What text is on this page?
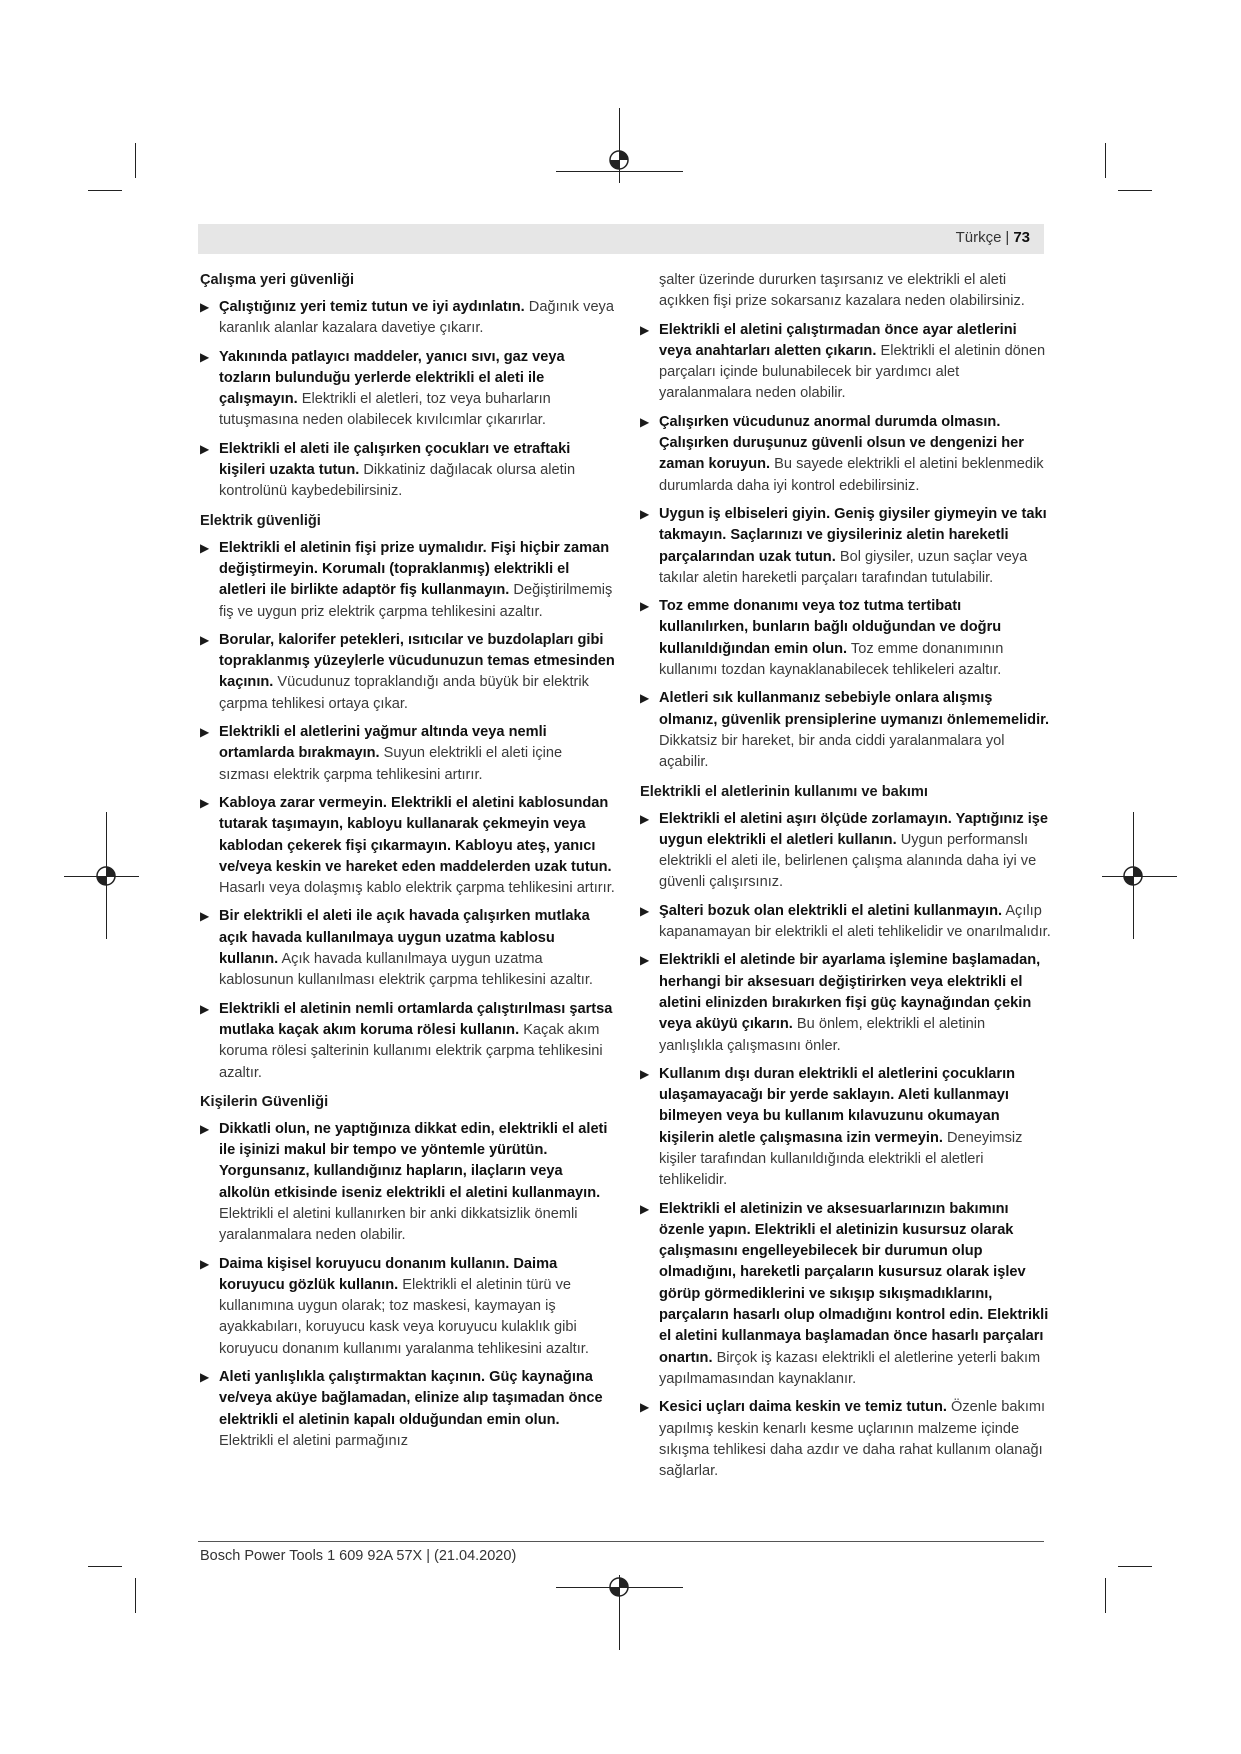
Türkçe | 73
Çalışma yeri güvenliği
▶ Çalıştığınız yeri temiz tutun ve iyi aydınlatın. Dağınık veya karanlık alanlar kazalara davetiye çıkarır.
▶ Yakınında patlayıcı maddeler, yanıcı sıvı, gaz veya tozların bulunduğu yerlerde elektrikli el aleti ile çalışmayın. Elektrikli el aletleri, toz veya buharların tutuşmasına neden olabilecek kıvılcımlar çıkarırlar.
▶ Elektrikli el aleti ile çalışırken çocukları ve etraftaki kişileri uzakta tutun. Dikkatiniz dağılacak olursa aletin kontrolünü kaybedebilirsiniz.
Elektrik güvenliği
▶ Elektrikli el aletinin fişi prize uymalıdır. Fişi hiçbir zaman değiştirmeyin. Korumalı (topraklanmış) elektrikli el aletleri ile birlikte adaptör fiş kullanmayın. Değiştirilmemiş fiş ve uygun priz elektrik çarpma tehlikesini azaltır.
▶ Borular, kalorifer petekleri, ısıtıcılar ve buzdolapları gibi topraklanmış yüzeylerle vücudunuzun temas etmesinden kaçının. Vücudunuz topraklandığı anda büyük bir elektrik çarpma tehlikesi ortaya çıkar.
▶ Elektrikli el aletlerini yağmur altında veya nemli ortamlarda bırakmayın. Suyun elektrikli el aleti içine sızması elektrik çarpma tehlikesini artırır.
▶ Kabloya zarar vermeyin. Elektrikli el aletini kablosundan tutarak taşımayın, kabloyu kullanarak çekmeyin veya kablodan çekerek fişi çıkarmayın. Kabloyu ateş, yanıcı ve/veya keskin ve hareket eden maddelerden uzak tutun. Hasarlı veya dolaşmış kablo elektrik çarpma tehlikesini artırır.
▶ Bir elektrikli el aleti ile açık havada çalışırken mutlaka açık havada kullanılmaya uygun uzatma kablosu kullanın. Açık havada kullanılmaya uygun uzatma kablosunun kullanılması elektrik çarpma tehlikesini azaltır.
▶ Elektrikli el aletinin nemli ortamlarda çalıştırılması şartsa mutlaka kaçak akım koruma rölesi kullanın. Kaçak akım koruma rölesi şalterinin kullanımı elektrik çarpma tehlikesini azaltır.
Kişilerin Güvenliği
▶ Dikkatli olun, ne yaptığınıza dikkat edin, elektrikli el aleti ile işinizi makul bir tempo ve yöntemle yürütün. Yorgunsanız, kullandığınız hapların, ilaçların veya alkolün etkisinde iseniz elektrikli el aletini kullanmayın. Elektrikli el aletini kullanırken bir anki dikkatsizlik önemli yaralanmalara neden olabilir.
▶ Daima kişisel koruyucu donanım kullanın. Daima koruyucu gözlük kullanın. Elektrikli el aletinin türü ve kullanımına uygun olarak; toz maskesi, kaymayan iş ayakkabıları, koruyucu kask veya koruyucu kulaklık gibi koruyucu donanım kullanımı yaralanma tehlikesini azaltır.
▶ Aleti yanlışlıkla çalıştırmaktan kaçının. Güç kaynağına ve/veya aküye bağlamadan, elinize alıp taşımadan önce elektrikli el aletinin kapalı olduğundan emin olun. Elektrikli el aletini parmağınız
şalter üzerinde dururken taşırsanız ve elektrikli el aleti açıkken fişi prize sokarsanız kazalara neden olabilirsiniz.
▶ Elektrikli el aletini çalıştırmadan önce ayar aletlerini veya anahtarları aletten çıkarın. Elektrikli el aletinin dönen parçaları içinde bulunabilecek bir yardımcı alet yaralanmalara neden olabilir.
▶ Çalışırken vücudunuz anormal durumda olmasın. Çalışırken duruşunuz güvenli olsun ve dengenizi her zaman koruyun. Bu sayede elektrikli el aletini beklenmedik durumlarda daha iyi kontrol edebilirsiniz.
▶ Uygun iş elbiseleri giyin. Geniş giysiler giymeyin ve takı takmayın. Saçlarınızı ve giysileriniz aletin hareketli parçalarından uzak tutun. Bol giysiler, uzun saçlar veya takılar aletin hareketli parçaları tarafından tutulabilir.
▶ Toz emme donanımı veya toz tutma tertibatı kullanılırken, bunların bağlı olduğundan ve doğru kullanıldığından emin olun. Toz emme donanımının kullanımı tozdan kaynaklanabilecek tehlikeleri azaltır.
▶ Aletleri sık kullanmanız sebebiyle onlara alışmış olmanız, güvenlik prensiplerine uymanızı önlememelidir. Dikkatsiz bir hareket, bir anda ciddi yaralanmalara yol açabilir.
Elektrikli el aletlerinin kullanımı ve bakımı
▶ Elektrikli el aletini aşırı ölçüde zorlamayın. Yaptığınız işe uygun elektrikli el aletleri kullanın. Uygun performanslı elektrikli el aleti ile, belirlenen çalışma alanında daha iyi ve güvenli çalışırsınız.
▶ Şalteri bozuk olan elektrikli el aletini kullanmayın. Açılıp kapanamayan bir elektrikli el aleti tehlikelidir ve onarılmalıdır.
▶ Elektrikli el aletinde bir ayarlama işlemine başlamadan, herhangi bir aksesuarı değiştirirken veya elektrikli el aletini elinizden bırakırken fişi güç kaynağından çekin veya aküyü çıkarın. Bu önlem, elektrikli el aletinin yanlışlıkla çalışmasını önler.
▶ Kullanım dışı duran elektrikli el aletlerini çocukların ulaşamayacağı bir yerde saklayın. Aleti kullanmayı bilmeyen veya bu kullanım kılavuzunu okumayan kişilerin aletle çalışmasına izin vermeyin. Deneyimsiz kişiler tarafından kullanıldığında elektrikli el aletleri tehlikelidir.
▶ Elektrikli el aletinizin ve aksesuarlarınızın bakımını özenle yapın. Elektrikli el aletinizin kusursuz olarak çalışmasını engelleyebilecek bir durumun olup olmadığını, hareketli parçaların kusursuz olarak işlev görüp görmediklerini ve sıkışıp sıkışmadıklarını, parçaların hasarlı olup olmadığını kontrol edin. Elektrikli el aletini kullanmaya başlamadan önce hasarlı parçaları onartın. Birçok iş kazası elektrikli el aletlerine yeterli bakım yapılmamasından kaynaklanır.
▶ Kesici uçları daima keskin ve temiz tutun. Özenle bakımı yapılmış keskin kenarlı kesme uçlarının malzeme içinde sıkışma tehlikesi daha azdır ve daha rahat kullanım olanağı sağlarlar.
Bosch Power Tools 1 609 92A 57X | (21.04.2020)
